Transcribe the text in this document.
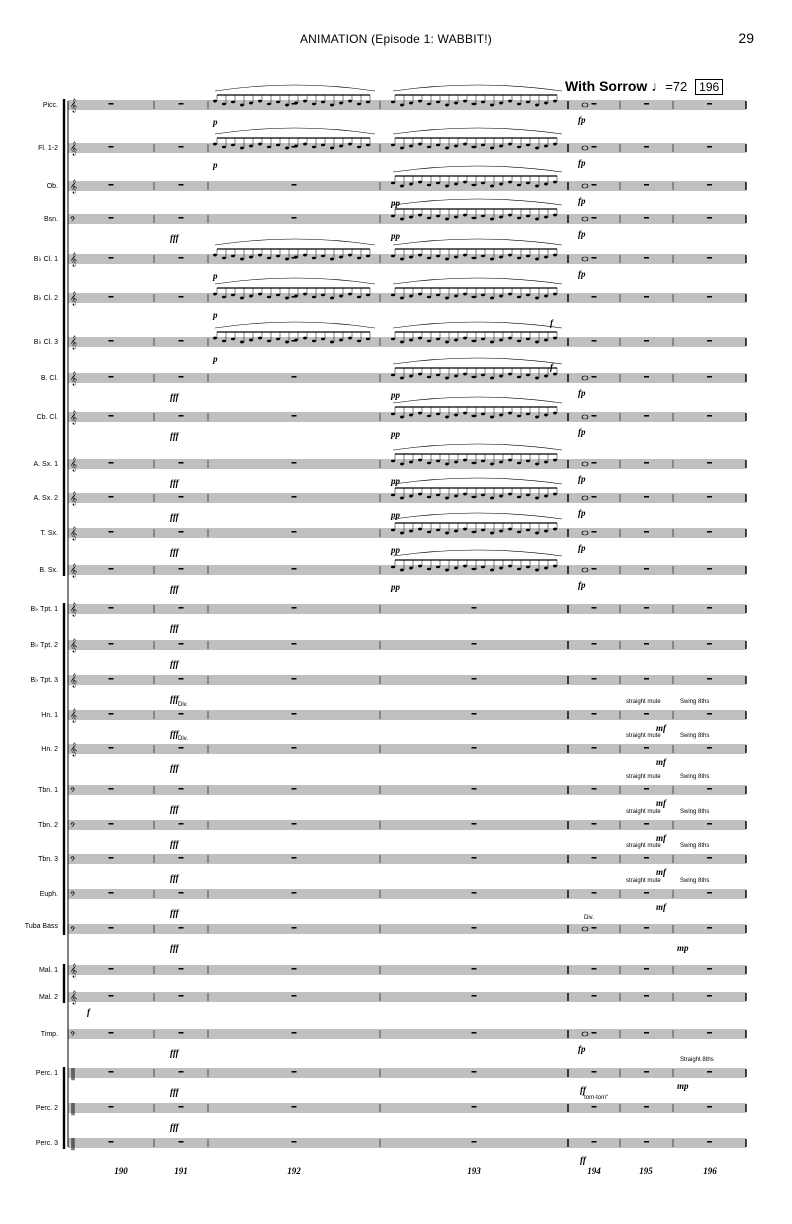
ANIMATION (Episode 1: WABBIT!)	29
With Sorrow ♩=72 196
𝄞
𝄞
𝄞
𝄢
𝄞
𝄞
𝄞
𝄞
𝄞
𝄞
𝄞
𝄞
𝄞
𝄞
𝄞
𝄞
𝄞
𝄞
𝄢
𝄢
𝄢
𝄢
𝄢
𝄞
𝄞
𝄢
‖
‖
‖
Picc.
Fl. 1-2
Ob.
Bsn.
B♭ Cl. 1
B♭ Cl. 2
B♭ Cl. 3
B. Cl.
Cb. Cl.
A. Sx. 1
A. Sx. 2
T. Sx.
B. Sx.
B♭ Tpt. 1
B♭ Tpt. 2
B♭ Tpt. 3
Hn. 1
Hn. 2
Tbn. 1
Tbn. 2
Tbn. 3
Euph.
Tuba Bass
Mal. 1
Mal. 2
Timp.
Perc. 1
Perc. 2
Perc. 3
190	191	192	193	194	195	196
p
p
p
p
p
pp
pp
pp
pp
pp
pp
pp
pp
fp
fp
fp
fp
fp
fp
fp
fp
fp
fp
fp
fp
fff
fff
fff
fff
fff
fff
fff
fff
fff
fff
fff
fff
fff
fff
fff
fff
fff
fff
fff
fff
f
f
f
ff
ff
mf
mf
mf
mf
mf
mf
mp
mp
straight mute
straight mute
straight mute
straight mute
straight mute
straight mute
Swing 8ths
Swing 8ths
Swing 8ths
Swing 8ths
Swing 8ths
Swing 8ths
Straight 8ths
Div.
Div.
Div.
"tom-tom"
